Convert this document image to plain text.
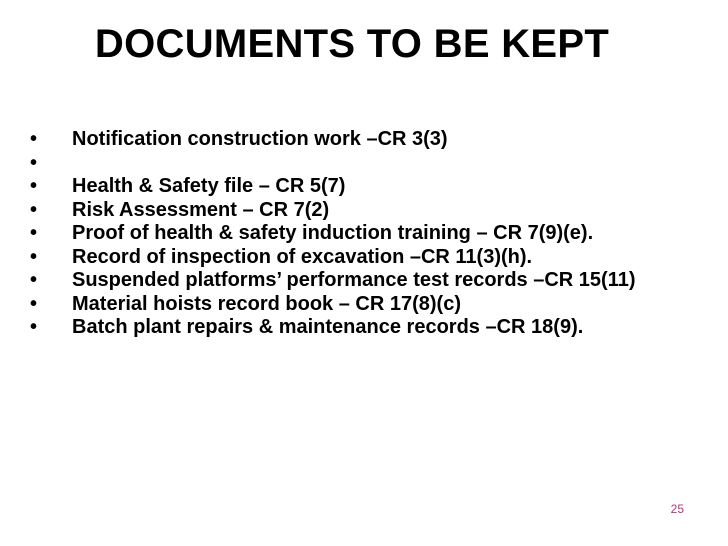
DOCUMENTS TO BE KEPT
• Notification construction work –CR 3(3)
•
• Health & Safety file – CR 5(7)
• Risk Assessment – CR 7(2)
• Proof of health & safety induction training – CR 7(9)(e).
• Record of inspection of excavation –CR 11(3)(h).
• Suspended platforms’ performance test records –CR 15(11)
• Material hoists record book – CR 17(8)(c)
• Batch plant repairs & maintenance records –CR 18(9).
25
